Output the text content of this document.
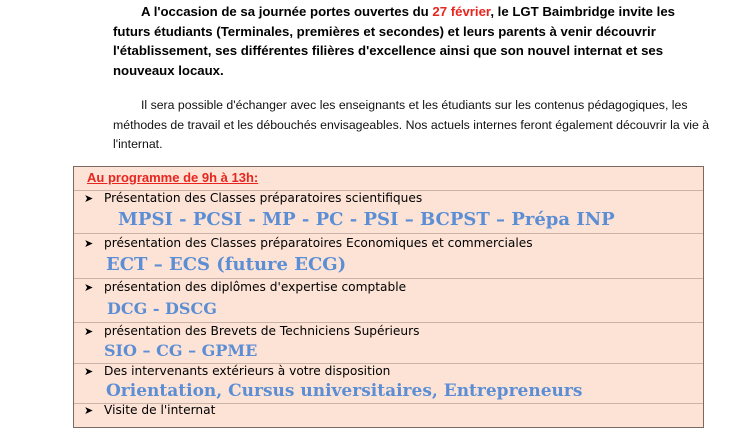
A l'occasion de sa journée portes ouvertes du 27 février, le LGT Baimbridge invite les futurs étudiants (Terminales, premières et secondes) et leurs parents à venir découvrir l'établissement, ses différentes filières d'excellence ainsi que son nouvel internat et ses nouveaux locaux.
Il sera possible d'échanger avec les enseignants et les étudiants sur les contenus pédagogiques, les méthodes de travail et les débouchés envisageables. Nos actuels internes feront également découvrir la vie à l'internat.
Au programme de 9h à 13h:
➤ Présentation des Classes préparatoires scientifiques
MPSI - PCSI - MP - PC - PSI – BCPST – Prépa INP
➤ présentation des Classes préparatoires Economiques et commerciales
ECT – ECS (future ECG)
➤ présentation des diplômes d'expertise comptable
DCG - DSCG
➤ présentation des Brevets de Techniciens Supérieurs
SIO – CG – GPME
➤ Des intervenants extérieurs à votre disposition
Orientation, Cursus universitaires, Entrepreneurs
➤ Visite de l'internat
